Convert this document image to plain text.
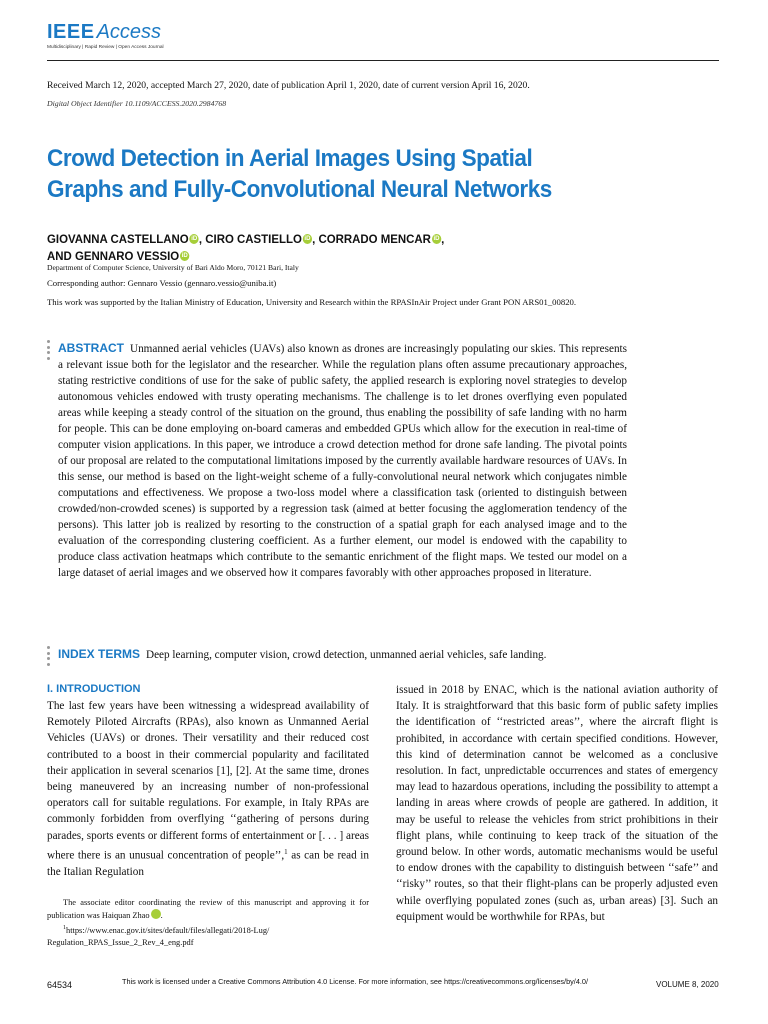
IEEE Access
Multidisciplinary | Rapid Review | Open Access Journal
Received March 12, 2020, accepted March 27, 2020, date of publication April 1, 2020, date of current version April 16, 2020.
Digital Object Identifier 10.1109/ACCESS.2020.2984768
Crowd Detection in Aerial Images Using Spatial
Graphs and Fully-Convolutional Neural Networks
GIOVANNA CASTELLANO iD , CIRO CASTIELLO iD , CORRADO MENCAR iD ,
AND GENNARO VESSIO iD
Department of Computer Science, University of Bari Aldo Moro, 70121 Bari, Italy
Corresponding author: Gennaro Vessio (gennaro.vessio@uniba.it)
This work was supported by the Italian Ministry of Education, University and Research within the RPASInAir Project under Grant PON ARS01_00820.
ABSTRACT Unmanned aerial vehicles (UAVs) also known as drones are increasingly populating our skies. This represents a relevant issue both for the legislator and the researcher. While the regulation plans often assume precautionary approaches, stating restrictive conditions of use for the sake of public safety, the applied research is exploring novel strategies to develop autonomous vehicles endowed with trusty operating mechanisms. The challenge is to let drones overflying even populated areas while keeping a steady control of the situation on the ground, thus enabling the possibility of safe landing with no harm for people. This can be done employing on-board cameras and embedded GPUs which allow for the execution in real-time of computer vision applications. In this paper, we introduce a crowd detection method for drone safe landing. The pivotal points of our proposal are related to the computational limitations imposed by the currently available hardware resources of UAVs. In this sense, our method is based on the light-weight scheme of a fully-convolutional neural network which conjugates nimble computations and effectiveness. We propose a two-loss model where a classification task (oriented to distinguish between crowded/non-crowded scenes) is supported by a regression task (aimed at better focusing the agglomeration tendency of the persons). This latter job is realized by resorting to the construction of a spatial graph for each analysed image and to the evaluation of the corresponding clustering coefficient. As a further element, our model is endowed with the capability to produce class activation heatmaps which contribute to the semantic enrichment of the flight maps. We tested our model on a large dataset of aerial images and we observed how it compares favorably with other approaches proposed in literature.
INDEX TERMS Deep learning, computer vision, crowd detection, unmanned aerial vehicles, safe landing.
I. INTRODUCTION
The last few years have been witnessing a widespread availability of Remotely Piloted Aircrafts (RPAs), also known as Unmanned Aerial Vehicles (UAVs) or drones. Their versatility and their reduced cost contributed to a boost in their commercial popularity and facilitated their application in several scenarios [1], [2]. At the same time, drones being maneuvered by an increasing number of non-professional operators call for suitable regulations. For example, in Italy RPAs are commonly forbidden from overflying ‘‘gathering of persons during parades, sports events or different forms of entertainment or [. . . ] areas where there is an unusual concentration of people’’,$^1$ as can be read in the Italian Regulation

The associate editor coordinating the review of this manuscript and approving it for publication was Haiquan Zhao	iD.

$^1$https://www.enac.gov.it/sites/default/files/allegati/2018-Lug/

Regulation_RPAS_Issue_2_Rev_4_eng.pdf

issued in 2018 by ENAC, which is the national aviation authority of Italy. It is straightforward that this basic form of public safety implies the identification of ‘‘restricted areas’’, where the aircraft flight is prohibited, in accordance with certain specified conditions. However, this kind of determination cannot be welcomed as a conclusive resolution. In fact, unpredictable occurrences and states of emergency may lead to hazardous operations, including the possibility to attempt a landing in areas where crowds of people are gathered. In addition, it may be useful to release the vehicles from strict prohibitions in their flight plans, while continuing to keep track of the situation of the ground below. In other words, automatic mechanisms would be useful to endow drones with the capability to distinguish between ‘‘safe’’ and ‘‘risky’’ routes, so that their flight-plans can be properly adjusted even while overflying populated zones (such as, urban areas) [3]. Such an equipment would be worthwhile for RPAs, but
64534	This work is licensed under a Creative Commons Attribution 4.0 License. For more information, see https://creativecommons.org/licenses/by/4.0/	VOLUME 8, 2020
